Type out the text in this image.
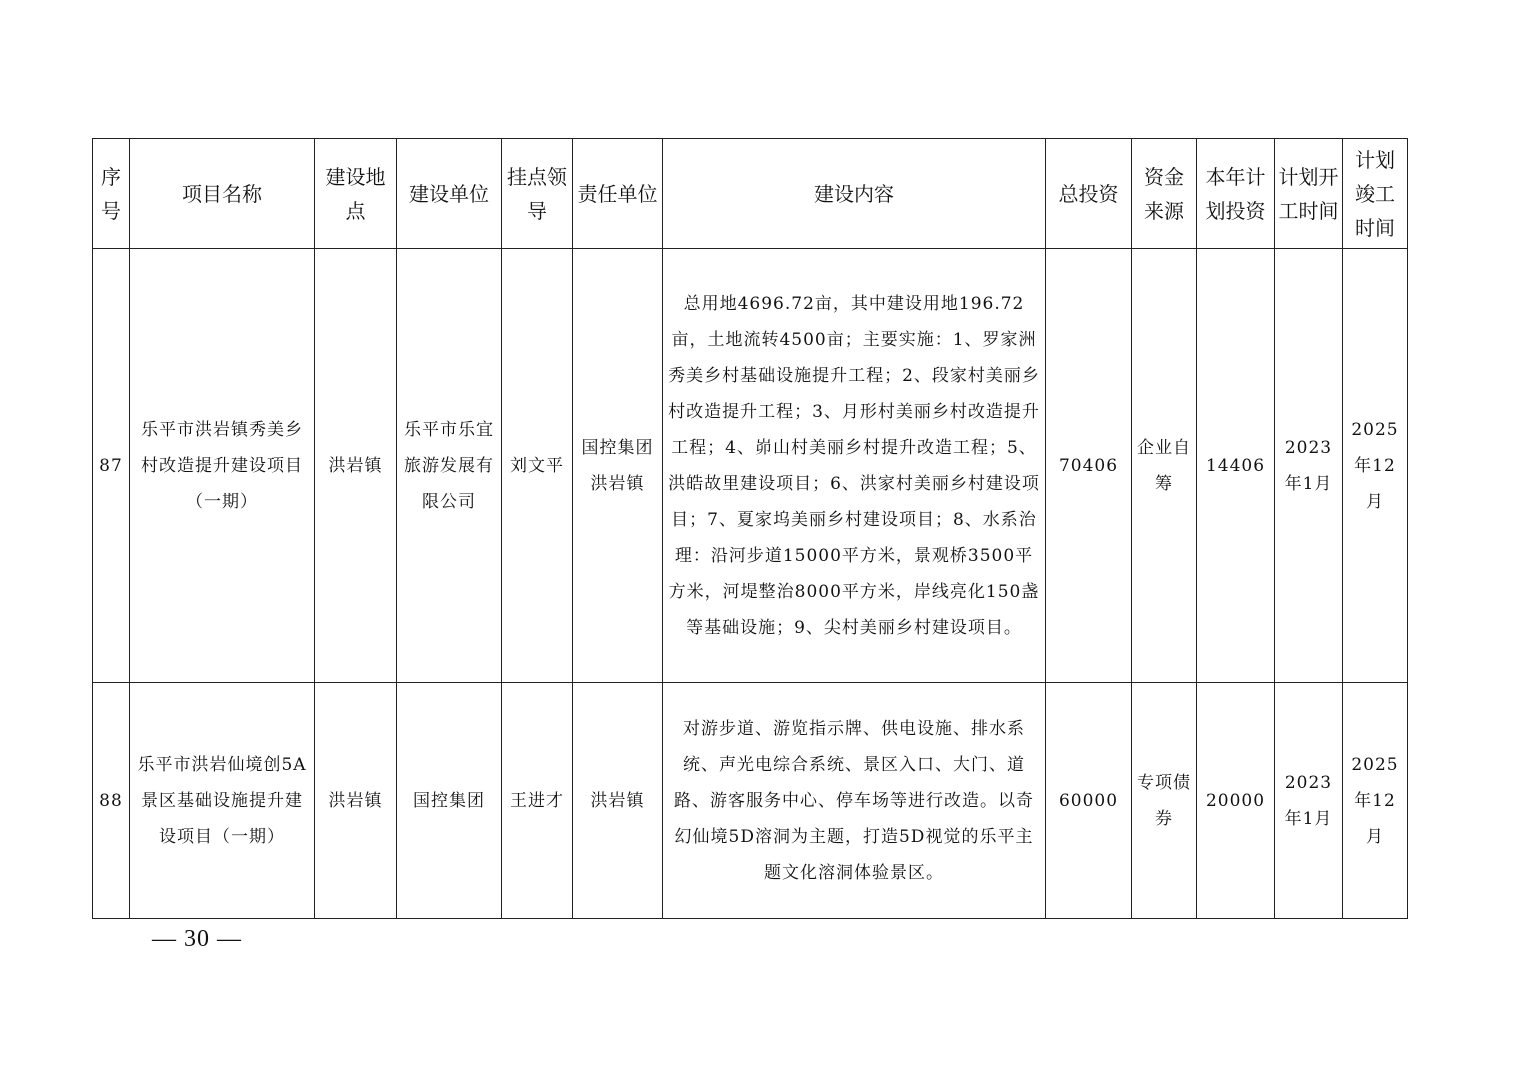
序号	项目名称	建设地点	建设单位	挂点领导	责任单位	建设内容	总投资	资金来源	本年计划投资	计划开工时间	计划竣工时间
87	乐平市洪岩镇秀美乡村改造提升建设项目（一期）	洪岩镇	乐平市乐宜旅游发展有限公司	刘文平	国控集团洪岩镇	总用地4696.72亩，其中建设用地196.72亩，土地流转4500亩；主要实施：1、罗家洲秀美乡村基础设施提升工程；2、段家村美丽乡村改造提升工程；3、月形村美丽乡村改造提升工程；4、峁山村美丽乡村提升改造工程；5、洪皓故里建设项目；6、洪家村美丽乡村建设项目；7、夏家坞美丽乡村建设项目；8、水系治理：沿河步道15000平方米，景观桥3500平方米，河堤整治8000平方米，岸线亮化150盏等基础设施；9、尖村美丽乡村建设项目。	70406	企业自筹	14406	2023年1月	2025年12月
88	乐平市洪岩仙境创5A景区基础设施提升建设项目（一期）	洪岩镇	国控集团	王进才	洪岩镇	对游步道、游览指示牌、供电设施、排水系统、声光电综合系统、景区入口、大门、道路、游客服务中心、停车场等进行改造。以奇幻仙境5D溶洞为主题，打造5D视觉的乐平主题文化溶洞体验景区。	60000	专项债券	20000	2023年1月	2025年12月
— 30 —
